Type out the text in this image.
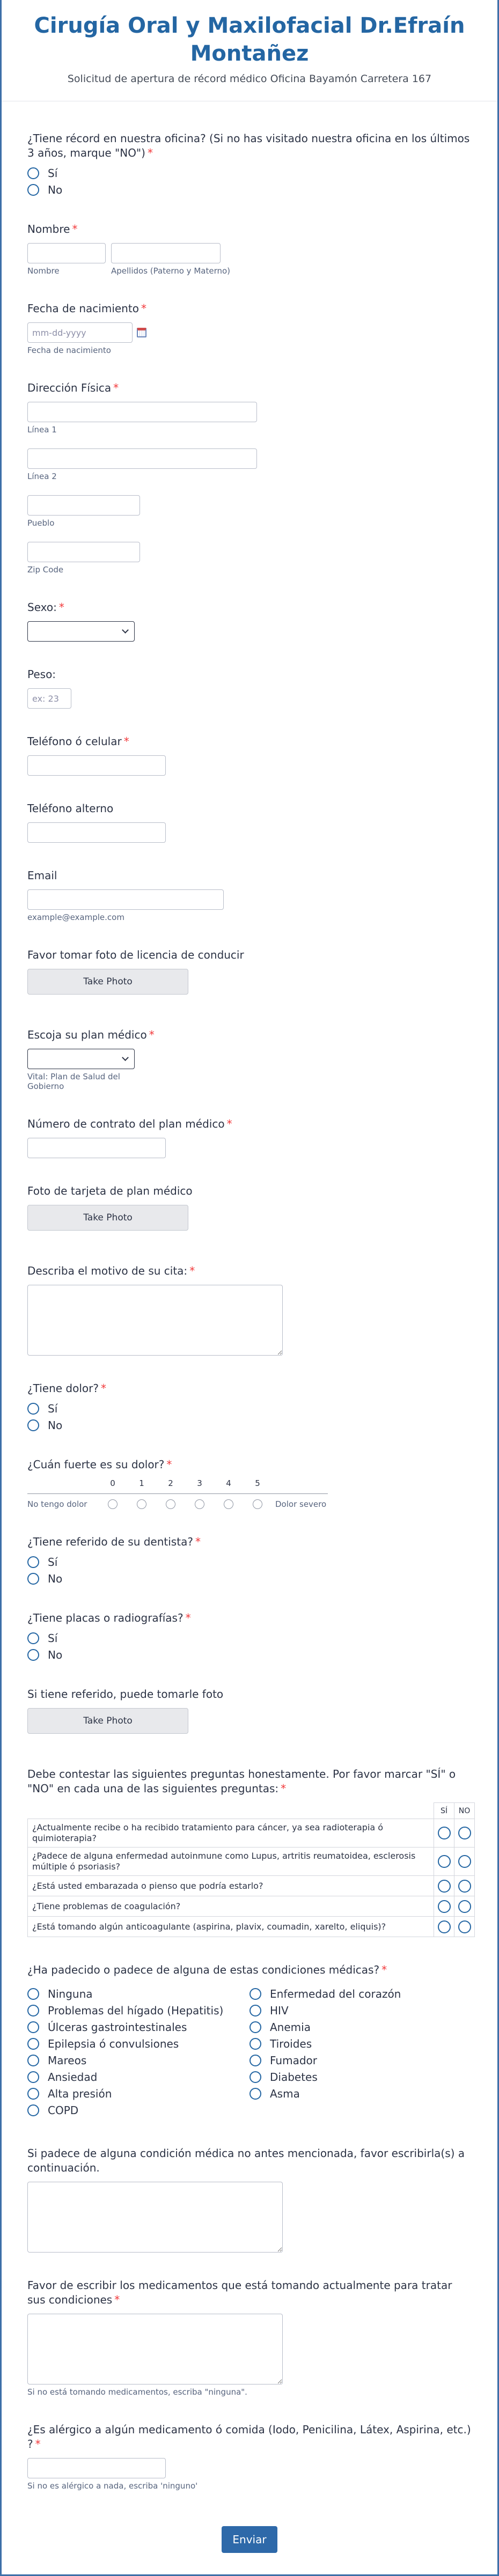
Cirugía Oral y Maxilofacial Dr.Efraín Montañez
Solicitud de apertura de récord médico Oficina Bayamón Carretera 167
¿Tiene récord en nuestra oficina? (Si no has visitado nuestra oficina en los últimos 3 años, marque "NO") *
Sí
No
Nombre *
Nombre	Apellidos (Paterno y Materno)
Fecha de nacimiento *
mm-dd-yyyy
Fecha de nacimiento
Dirección Física *
Línea 1
Línea 2
Pueblo
Zip Code
Sexo: *
Peso:
ex: 23
Teléfono ó celular *
Teléfono alterno
Email
example@example.com
Favor tomar foto de licencia de conducir
Take Photo
Escoja su plan médico *
Vital: Plan de Salud del Gobierno
Número de contrato del plan médico *
Foto de tarjeta de plan médico
Take Photo
Describa el motivo de su cita: *
¿Tiene dolor? *
Sí
No
¿Cuán fuerte es su dolor? *
0	1	2	3	4	5
No tengo dolor	Dolor severo
¿Tiene referido de su dentista? *
Sí
No
¿Tiene placas o radiografías? *
Sí
No
Si tiene referido, puede tomarle foto
Take Photo
Debe contestar las siguientes preguntas honestamente. Por favor marcar "SÍ" o "NO" en cada una de las siguientes preguntas: *
	SÍ	NO
¿Actualmente recibe o ha recibido tratamiento para cáncer, ya sea radioterapia ó quimioterapia?		
¿Padece de alguna enfermedad autoinmune como Lupus, artritis reumatoidea, esclerosis múltiple ó psoriasis?		
¿Está usted embarazada o pienso que podría estarlo?		
¿Tiene problemas de coagulación?		
¿Está tomando algún anticoagulante (aspirina, plavix, coumadin, xarelto, eliquis)?		
¿Ha padecido o padece de alguna de estas condiciones médicas? *
Ninguna
Problemas del hígado (Hepatitis)
Úlceras gastrointestinales
Epilepsia ó convulsiones
Mareos
Ansiedad
Alta presión
COPD
Enfermedad del corazón
HIV
Anemia
Tiroides
Fumador
Diabetes
Asma
Si padece de alguna condición médica no antes mencionada, favor escribirla(s) a continuación.
Favor de escribir los medicamentos que está tomando actualmente para tratar sus condiciones *
Si no está tomando medicamentos, escriba "ninguna".
¿Es alérgico a algún medicamento ó comida (Iodo, Penicilina, Látex, Aspirina, etc.) ? *
Si no es alérgico a nada, escriba 'ninguno'
Enviar
